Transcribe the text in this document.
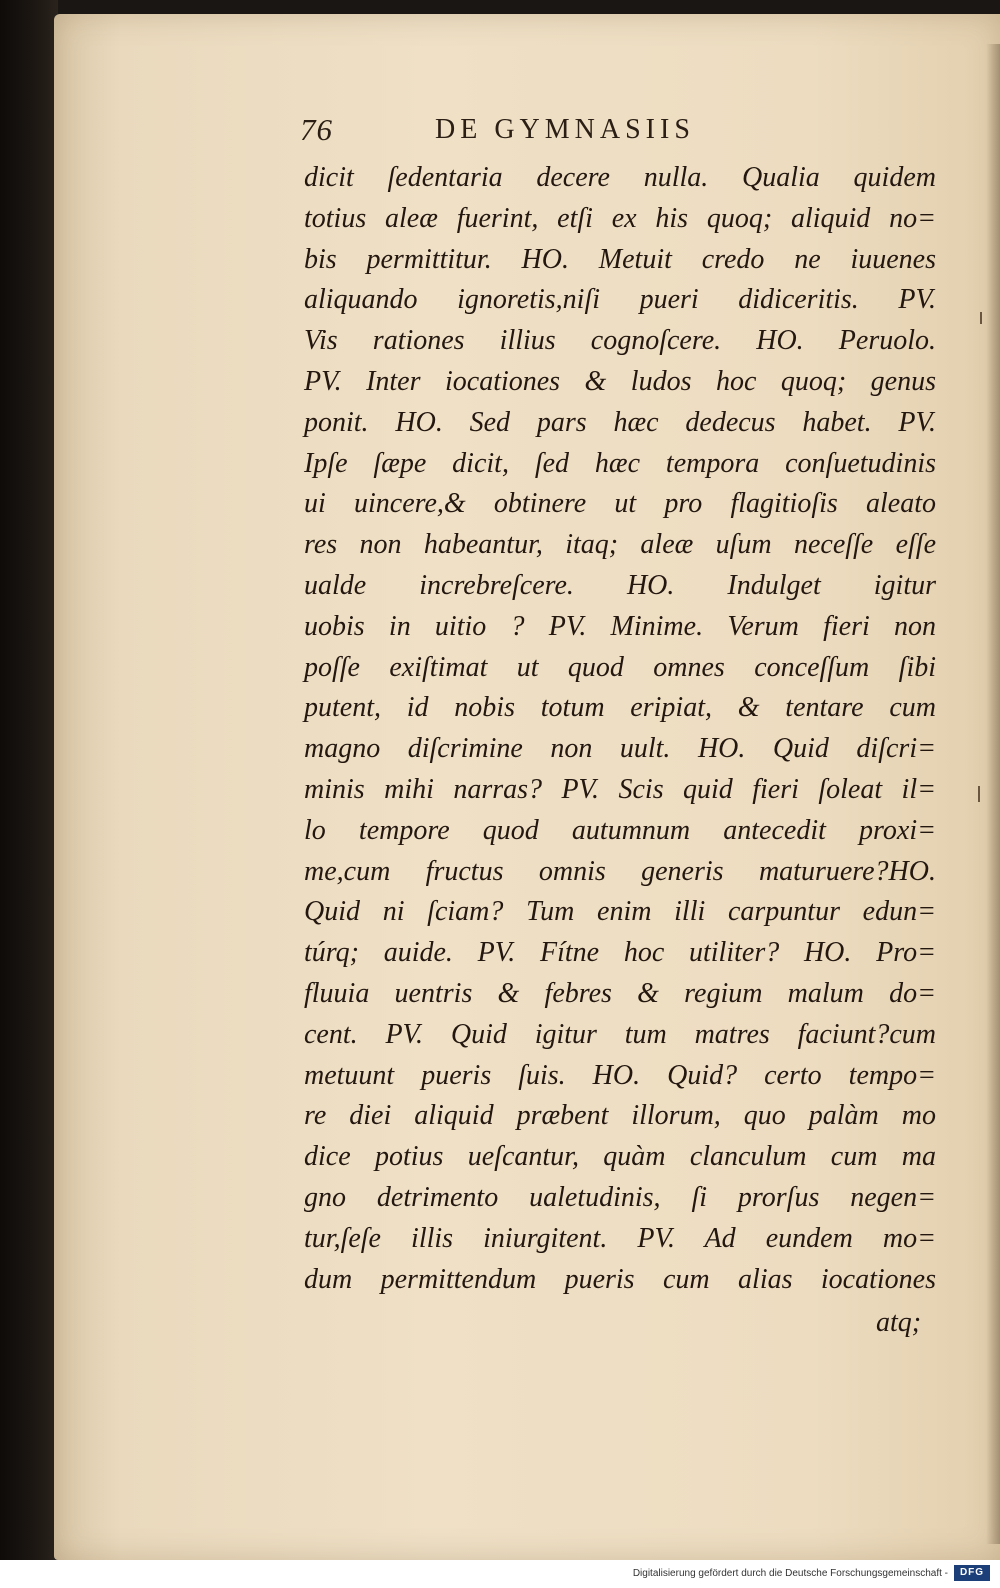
76	DE GYMNASIIS
dicit ſedentaria decere nulla. Qualia quidem
totius aleæ fuerint, etſi ex his quoq; aliquid no=
bis permittitur. HO. Metuit credo ne iuuenes
aliquando ignoretis,niſi pueri didiceritis. PV.
Vis rationes illius cognoſcere. HO. Peruolo.
PV. Inter iocationes & ludos hoc quoq; genus
ponit. HO. Sed pars hæc dedecus habet. PV.
Ipſe ſæpe dicit, ſed hæc tempora conſuetudinis
ui uincere,& obtinere ut pro flagitioſis aleato
res non habeantur, itaq; aleæ uſum neceſſe eſſe
ualde increbreſcere. HO. Indulget igitur
uobis in uitio ? PV. Minime. Verum fieri non
poſſe exiſtimat ut quod omnes conceſſum ſibi
putent, id nobis totum eripiat, & tentare cum
magno diſcrimine non uult. HO. Quid diſcri=
minis mihi narras? PV. Scis quid fieri ſoleat il=
lo tempore quod autumnum antecedit proxi=
me,cum fructus omnis generis maturuere?HO.
Quid ni ſciam? Tum enim illi carpuntur edun=
túrq; auide. PV. Fítne hoc utiliter? HO. Pro=
fluuia uentris & febres & regium malum do=
cent. PV. Quid igitur tum matres faciunt?cum
metuunt pueris ſuis. HO. Quid? certo tempo=
re diei aliquid præbent illorum, quo palàm mo
dice potius ueſcantur, quàm clanculum cum ma
gno detrimento ualetudinis, ſi prorſus negen=
tur,ſeſe illis iniurgitent. PV. Ad eundem mo=
dum permittendum pueris cum alias iocationes
atq;
Digitalisierung gefördert durch die Deutsche Forschungsgemeinschaft -	DFG
